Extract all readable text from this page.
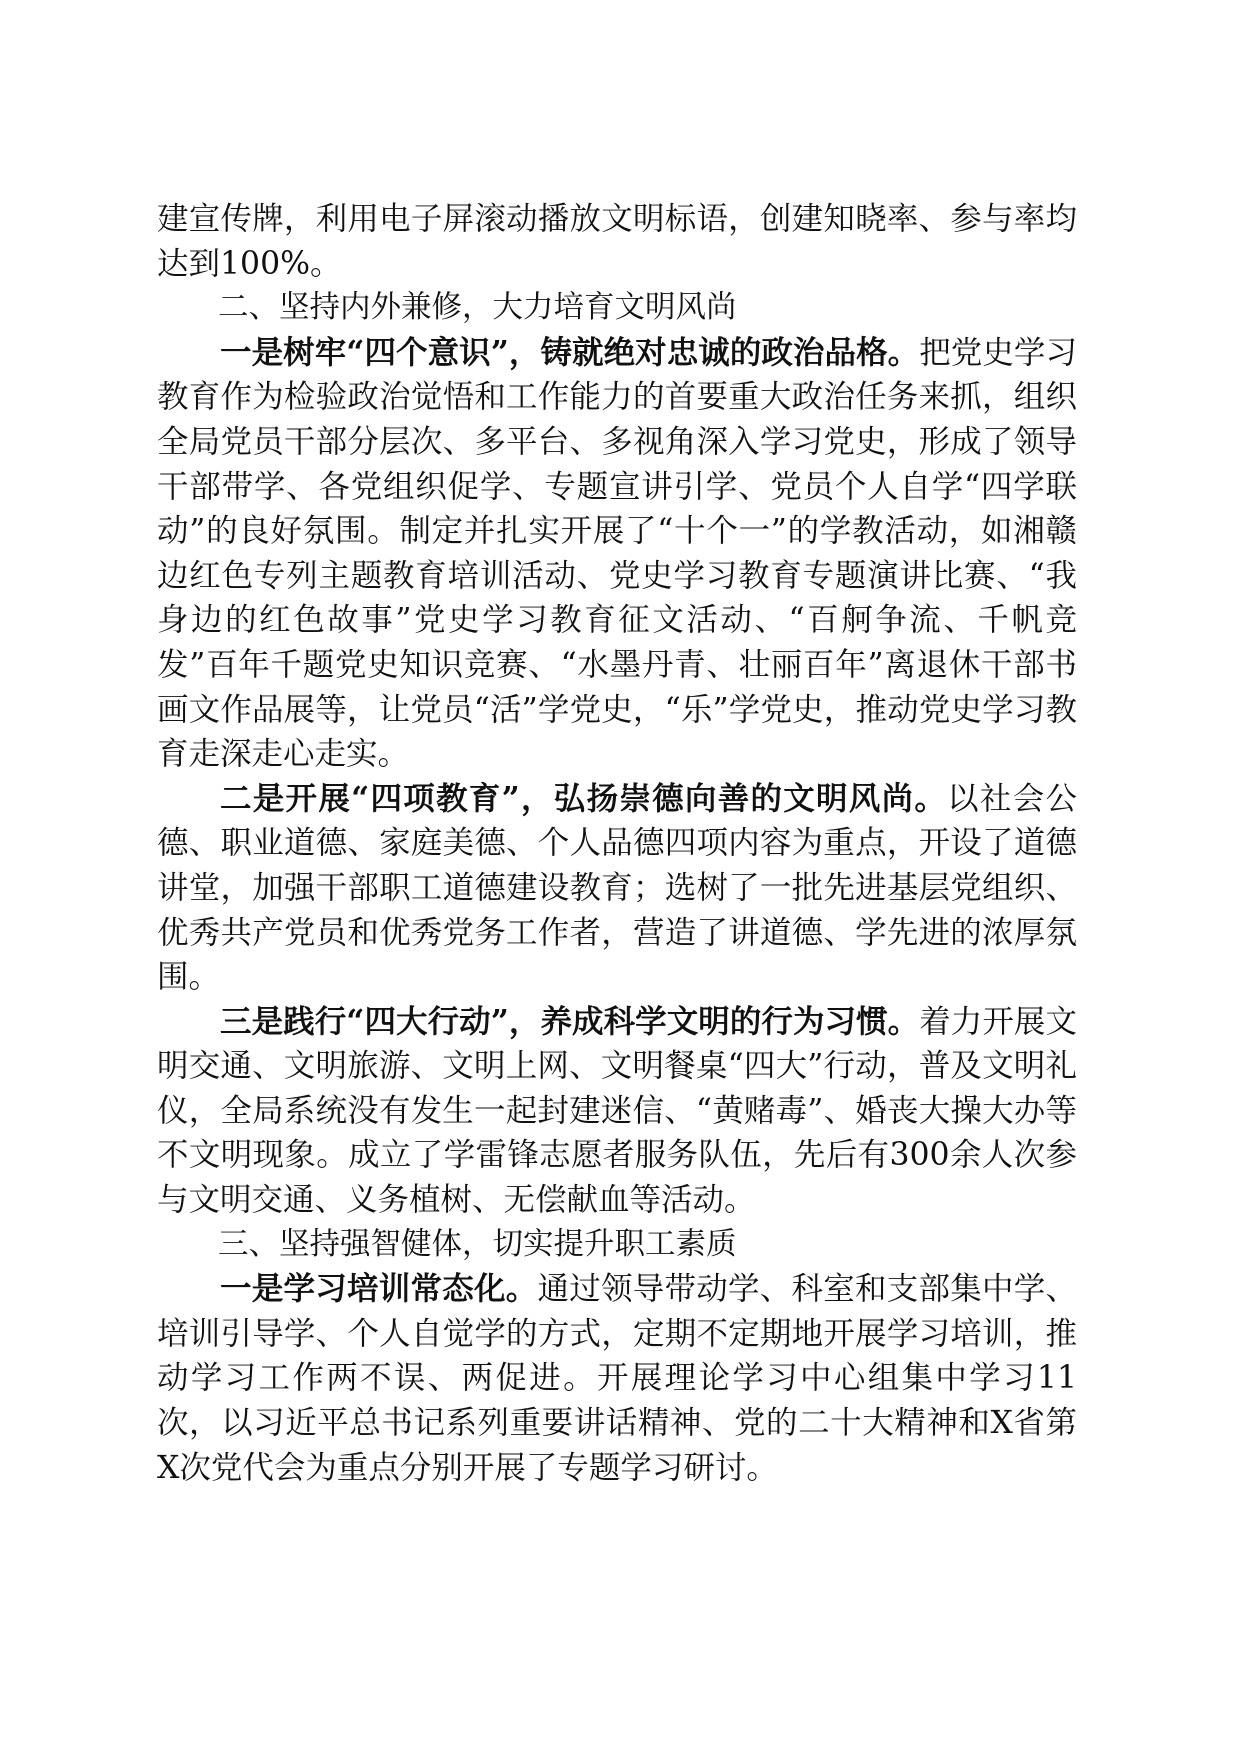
建宣传牌，利用电子屏滚动播放文明标语，创建知晓率、参与率均达到100%。

二、坚持内外兼修，大力培育文明风尚

一是树牢“四个意识”，铸就绝对忠诚的政治品格。把党史学习教育作为检验政治觉悟和工作能力的首要重大政治任务来抓，组织全局党员干部分层次、多平台、多视角深入学习党史，形成了领导干部带学、各党组织促学、专题宣讲引学、党员个人自学“四学联动”的良好氛围。制定并扎实开展了“十个一”的学教活动，如湘赣边红色专列主题教育培训活动、党史学习教育专题演讲比赛、“我身边的红色故事”党史学习教育征文活动、“百舸争流、千帆竞发”百年千题党史知识竞赛、“水墨丹青、壮丽百年”离退休干部书画文作品展等，让党员“活”学党史，“乐”学党史，推动党史学习教育走深走心走实。

二是开展“四项教育”，弘扬崇德向善的文明风尚。以社会公德、职业道德、家庭美德、个人品德四项内容为重点，开设了道德讲堂，加强干部职工道德建设教育；选树了一批先进基层党组织、优秀共产党员和优秀党务工作者，营造了讲道德、学先进的浓厚氛围。

三是践行“四大行动”，养成科学文明的行为习惯。着力开展文明交通、文明旅游、文明上网、文明餐桌“四大”行动，普及文明礼仪，全局系统没有发生一起封建迷信、“黄赌毒”、婚丧大操大办等不文明现象。成立了学雷锋志愿者服务队伍，先后有300余人次参与文明交通、义务植树、无偿献血等活动。

三、坚持强智健体，切实提升职工素质

一是学习培训常态化。通过领导带动学、科室和支部集中学、培训引导学、个人自觉学的方式，定期不定期地开展学习培训，推动学习工作两不误、两促进。开展理论学习中心组集中学习11次，以习近平总书记系列重要讲话精神、党的二十大精神和X省第X次党代会为重点分别开展了专题学习研讨。
